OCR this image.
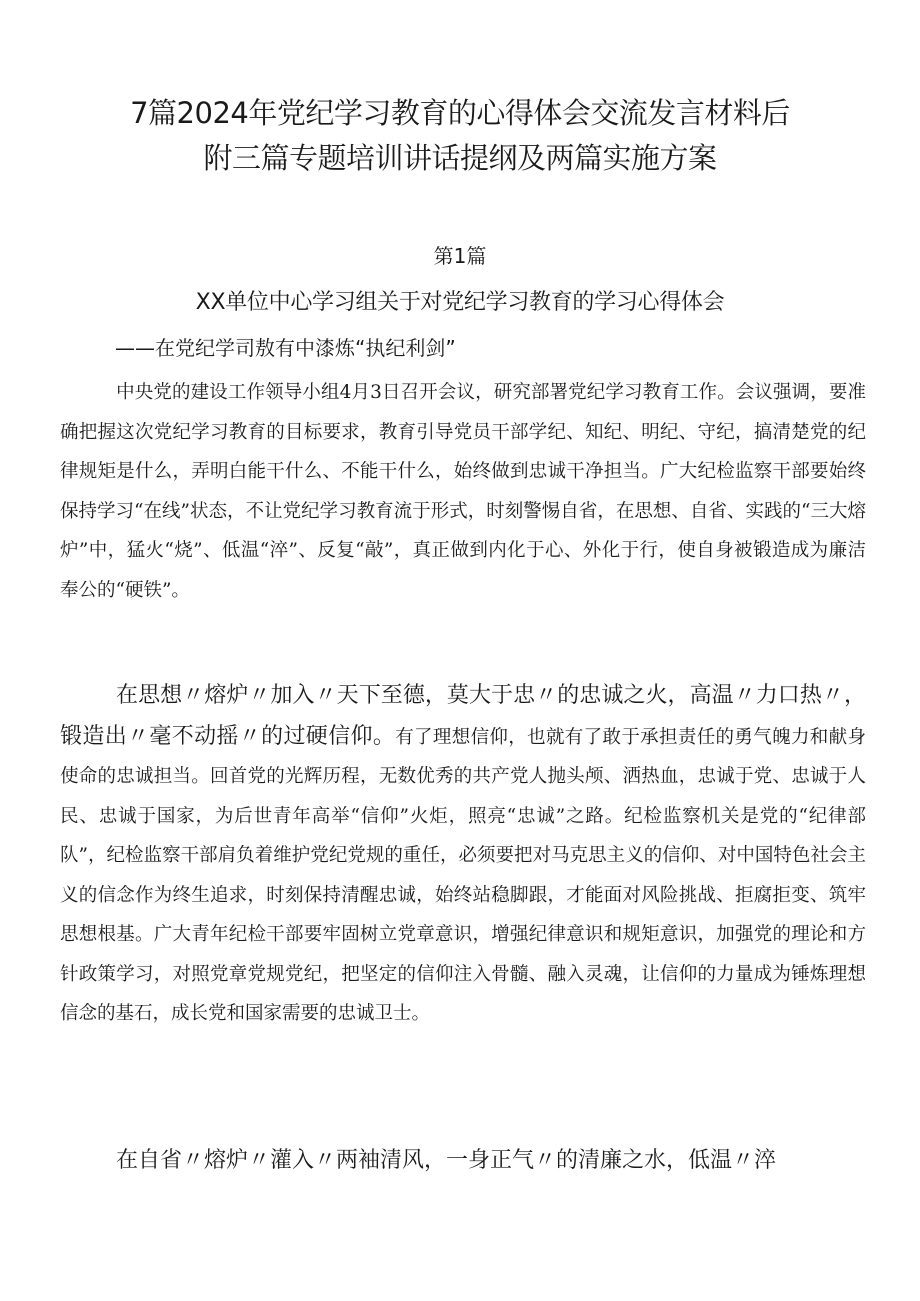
7篇2024年党纪学习教育的心得体会交流发言材料后
附三篇专题培训讲话提纲及两篇实施方案
第1篇
XX单位中心学习组关于对党纪学习教育的学习心得体会
——在党纪学司敖有中漆炼“执纪利剑”

中央党的建设工作领导小组4月3日召开会议，研究部署党纪学习教育工作。会议强调，要准确把握这次党纪学习教育的目标要求，教育引导党员干部学纪、知纪、明纪、守纪，搞清楚党的纪律规矩是什么，弄明白能干什么、不能干什么，始终做到忠诚干净担当。广大纪检监察干部要始终保持学习“在线”状态，不让党纪学习教育流于形式，时刻警惕自省，在思想、自省、实践的“三大熔炉”中，猛火“烧”、低温“淬”、反复“敲”，真正做到内化于心、外化于行，使自身被锻造成为廉洁奉公的“硬铁”。

在思想〃熔炉〃加入〃天下至德，莫大于忠〃的忠诚之火，高温〃力口热〃，锻造出〃毫不动摇〃的过硬信仰。有了理想信仰，也就有了敢于承担责任的勇气魄力和献身使命的忠诚担当。回首党的光辉历程，无数优秀的共产党人抛头颅、洒热血，忠诚于党、忠诚于人民、忠诚于国家，为后世青年高举“信仰”火炬，照亮“忠诚”之路。纪检监察机关是党的“纪律部队”，纪检监察干部肩负着维护党纪党规的重任，必须要把对马克思主义的信仰、对中国特色社会主义的信念作为终生追求，时刻保持清醒忠诚，始终站稳脚跟，才能面对风险挑战、拒腐拒变、筑牢思想根基。广大青年纪检干部要牢固树立党章意识，增强纪律意识和规矩意识，加强党的理论和方针政策学习，对照党章党规党纪，把坚定的信仰注入骨髓、融入灵魂，让信仰的力量成为锤炼理想信念的基石，成长党和国家需要的忠诚卫士。

在自省〃熔炉〃灌入〃两袖清风，一身正气〃的清廉之水，低温〃淬
